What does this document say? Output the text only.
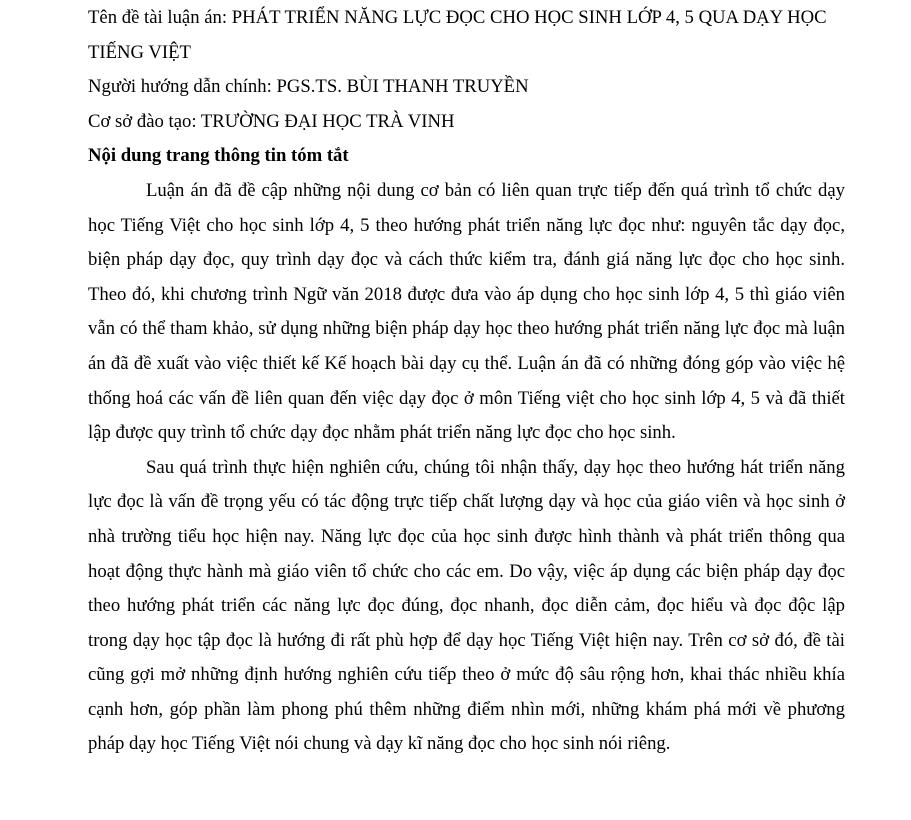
Tên đề tài luận án: PHÁT TRIỂN NĂNG LỰC ĐỌC CHO HỌC SINH LỚP 4, 5 QUA DẠY HỌC TIẾNG VIỆT

Người hướng dẫn chính: PGS.TS. BÙI THANH TRUYỀN

Cơ sở đào tạo: TRƯỜNG ĐẠI HỌC TRÀ VINH

Nội dung trang thông tin tóm tắt

Luận án đã đề cập những nội dung cơ bản có liên quan trực tiếp đến quá trình tổ chức dạy học Tiếng Việt cho học sinh lớp 4, 5 theo hướng phát triển năng lực đọc như: nguyên tắc dạy đọc, biện pháp dạy đọc, quy trình dạy đọc và cách thức kiểm tra, đánh giá năng lực đọc cho học sinh. Theo đó, khi chương trình Ngữ văn 2018 được đưa vào áp dụng cho học sinh lớp 4, 5 thì giáo viên vẫn có thể tham khảo, sử dụng những biện pháp dạy học theo hướng phát triển năng lực đọc mà luận án đã đề xuất vào việc thiết kế Kế hoạch bài dạy cụ thể. Luận án đã có những đóng góp vào việc hệ thống hoá các vấn đề liên quan đến việc dạy đọc ở môn Tiếng việt cho học sinh lớp 4, 5 và đã thiết lập được quy trình tổ chức dạy đọc nhằm phát triển năng lực đọc cho học sinh.

Sau quá trình thực hiện nghiên cứu, chúng tôi nhận thấy, dạy học theo hướng hát triển năng lực đọc là vấn đề trọng yếu có tác động trực tiếp chất lượng dạy và học của giáo viên và học sinh ở nhà trường tiểu học hiện nay. Năng lực đọc của học sinh được hình thành và phát triển thông qua hoạt động thực hành mà giáo viên tổ chức cho các em. Do vậy, việc áp dụng các biện pháp dạy đọc theo hướng phát triển các năng lực đọc đúng, đọc nhanh, đọc diễn cảm, đọc hiểu và đọc độc lập trong dạy học tập đọc là hướng đi rất phù hợp để dạy học Tiếng Việt hiện nay. Trên cơ sở đó, đề tài cũng gợi mở những định hướng nghiên cứu tiếp theo ở mức độ sâu rộng hơn, khai thác nhiều khía cạnh hơn, góp phần làm phong phú thêm những điểm nhìn mới, những khám phá mới về phương pháp dạy học Tiếng Việt nói chung và dạy kĩ năng đọc cho học sinh nói riêng.
